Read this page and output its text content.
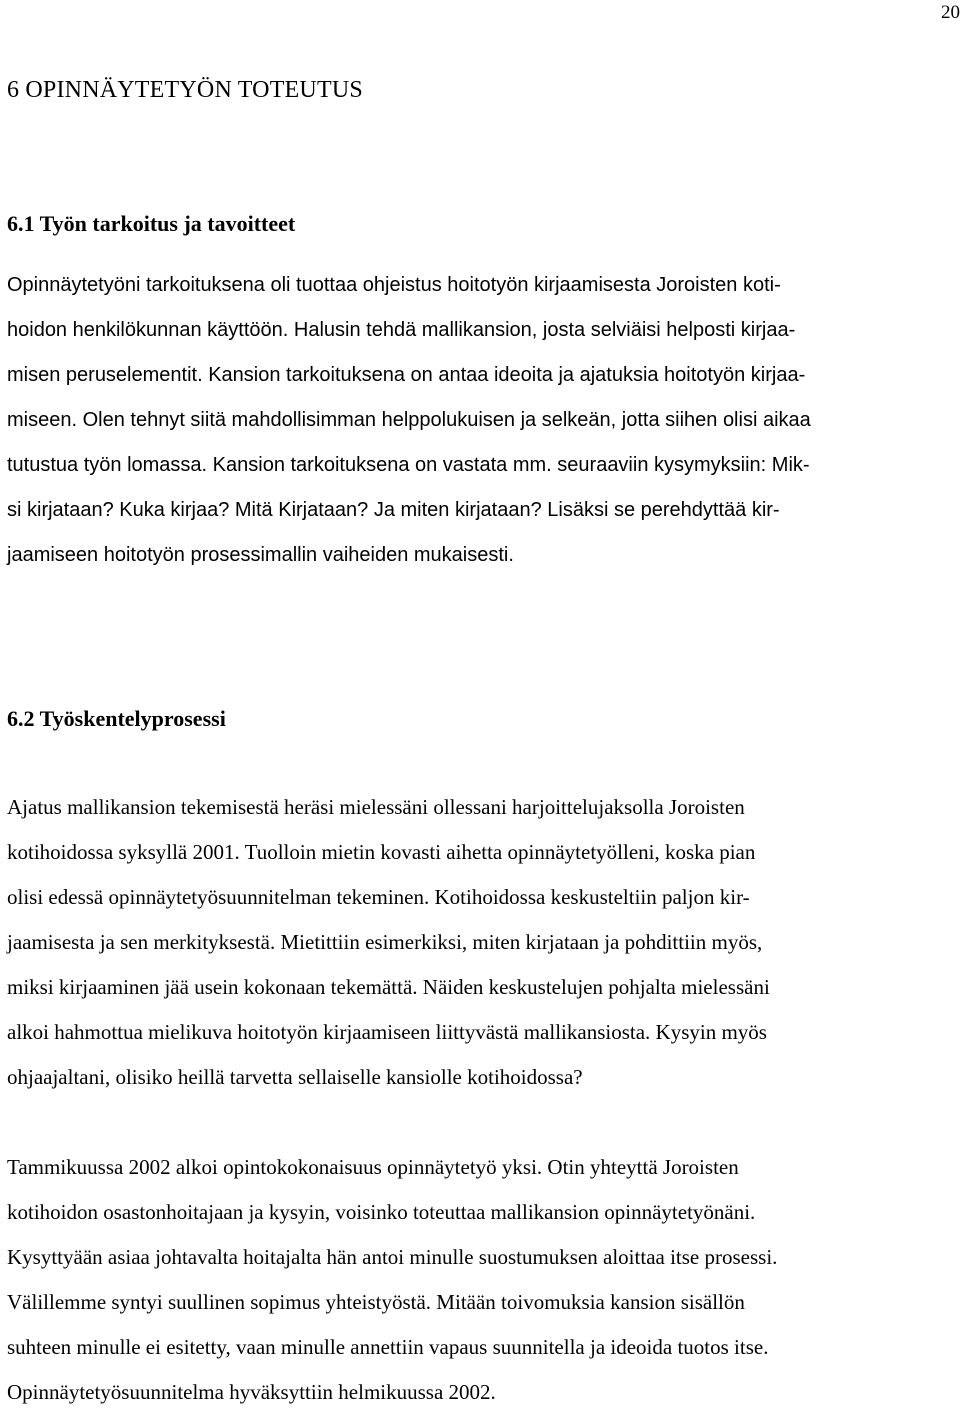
20
6 OPINNÄYTETYÖN TOTEUTUS
6.1 Työn tarkoitus ja tavoitteet

Opinnäytetyöni tarkoituksena oli tuottaa ohjeistus hoitotyön kirjaamisesta Joroisten koti-
hoidon henkilökunnan käyttöön. Halusin tehdä mallikansion, josta selviäisi helposti kirjaa-
misen peruselementit. Kansion tarkoituksena on antaa ideoita ja ajatuksia hoitotyön kirjaa-
miseen. Olen tehnyt siitä mahdollisimman helppolukuisen ja selkeän, jotta siihen olisi aikaa
tutustua työn lomassa. Kansion tarkoituksena on vastata mm. seuraaviin kysymyksiin: Mik-
si kirjataan? Kuka kirjaa? Mitä Kirjataan? Ja miten kirjataan? Lisäksi se perehdyttää kir-
jaamiseen hoitotyön prosessimallin vaiheiden mukaisesti.

6.2 Työskentelyprosessi

Ajatus mallikansion tekemisestä heräsi mielessäni ollessani harjoittelujaksolla Joroisten
kotihoidossa syksyllä 2001. Tuolloin mietin kovasti aihetta opinnäytetyölleni, koska pian
olisi edessä opinnäytetyösuunnitelman tekeminen. Kotihoidossa keskusteltiin paljon kir-
jaamisesta ja sen merkityksestä. Mietittiin esimerkiksi, miten kirjataan ja pohdittiin myös,
miksi kirjaaminen jää usein kokonaan tekemättä. Näiden keskustelujen pohjalta mielessäni
alkoi hahmottua mielikuva hoitotyön kirjaamiseen liittyvästä mallikansiosta. Kysyin myös
ohjaajaltani, olisiko heillä tarvetta sellaiselle kansiolle kotihoidossa?

Tammikuussa 2002 alkoi opintokokonaisuus opinnäytetyö yksi. Otin yhteyttä Joroisten
kotihoidon osastonhoitajaan ja kysyin, voisinko toteuttaa mallikansion opinnäytetyönäni.
Kysyttyään asiaa johtavalta hoitajalta hän antoi minulle suostumuksen aloittaa itse prosessi.
Välillemme syntyi suullinen sopimus yhteistyöstä. Mitään toivomuksia kansion sisällön
suhteen minulle ei esitetty, vaan minulle annettiin vapaus suunnitella ja ideoida tuotos itse.
Opinnäytetyösuunnitelma hyväksyttiin helmikuussa 2002.
